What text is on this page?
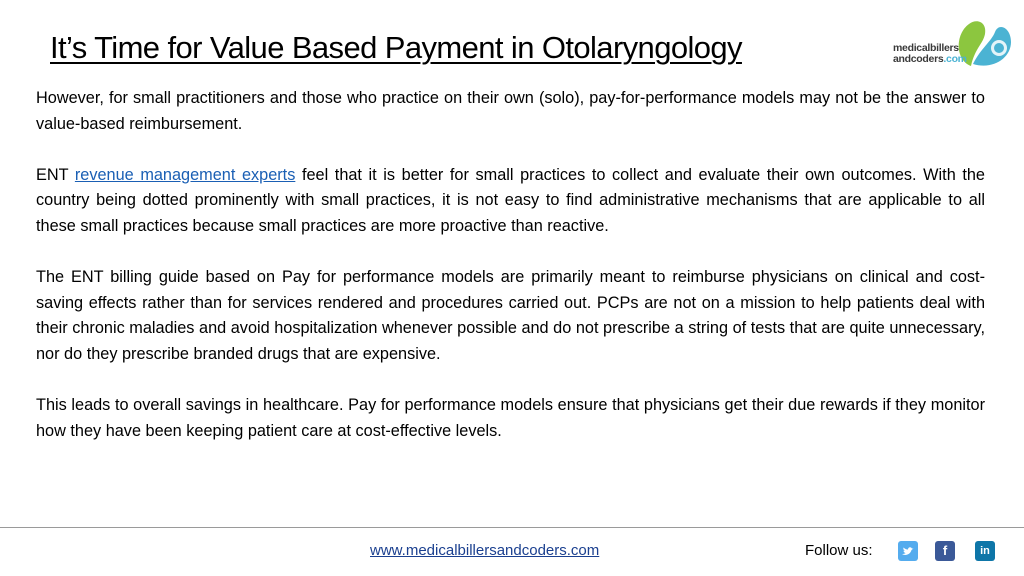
It’s Time for Value Based Payment in Otolaryngology	medicalbillers
andcoders.com

However, for small practitioners and those who practice on their own (solo), pay-for-performance models may not be the answer to value-based reimbursement.

ENT revenue management experts feel that it is better for small practices to collect and evaluate their own outcomes. With the country being dotted prominently with small practices, it is not easy to find administrative mechanisms that are applicable to all these small practices because small practices are more proactive than reactive.

The ENT billing guide based on Pay for performance models are primarily meant to reimburse physicians on clinical and cost-saving effects rather than for services rendered and procedures carried out. PCPs are not on a mission to help patients deal with their chronic maladies and avoid hospitalization whenever possible and do not prescribe a string of tests that are quite unnecessary, nor do they prescribe branded drugs that are expensive.

This leads to overall savings in healthcare. Pay for performance models ensure that physicians get their due rewards if they monitor how they have been keeping patient care at cost-effective levels.

www.medicalbillersandcoders.com	Follow us:	f	in
